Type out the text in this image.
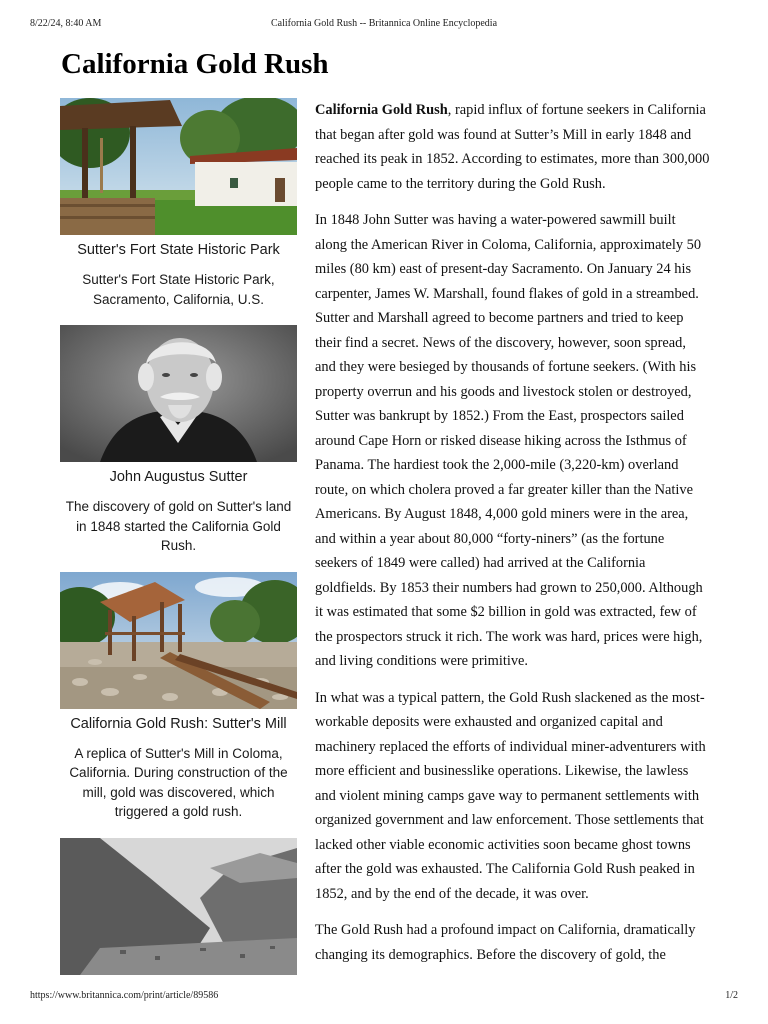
8/22/24, 8:40 AM	California Gold Rush -- Britannica Online Encyclopedia
California Gold Rush
Sutter's Fort State Historic Park
Sutter's Fort State Historic Park, Sacramento, California, U.S.
John Augustus Sutter
The discovery of gold on Sutter's land in 1848 started the California Gold Rush.
California Gold Rush: Sutter's Mill
A replica of Sutter's Mill in Coloma, California. During construction of the mill, gold was discovered, which triggered a gold rush.

California Gold Rush, rapid influx of fortune seekers in California that began after gold was found at Sutter’s Mill in early 1848 and reached its peak in 1852. According to estimates, more than 300,000 people came to the territory during the Gold Rush.

In 1848 John Sutter was having a water-powered sawmill built along the American River in Coloma, California, approximately 50 miles (80 km) east of present-day Sacramento. On January 24 his carpenter, James W. Marshall, found flakes of gold in a streambed. Sutter and Marshall agreed to become partners and tried to keep their find a secret. News of the discovery, however, soon spread, and they were besieged by thousands of fortune seekers. (With his property overrun and his goods and livestock stolen or destroyed, Sutter was bankrupt by 1852.) From the East, prospectors sailed around Cape Horn or risked disease hiking across the Isthmus of Panama. The hardiest took the 2,000-mile (3,220-km) overland route, on which cholera proved a far greater killer than the Native Americans. By August 1848, 4,000 gold miners were in the area, and within a year about 80,000 “forty-niners” (as the fortune seekers of 1849 were called) had arrived at the California goldfields. By 1853 their numbers had grown to 250,000. Although it was estimated that some $2 billion in gold was extracted, few of the prospectors struck it rich. The work was hard, prices were high, and living conditions were primitive.

In what was a typical pattern, the Gold Rush slackened as the most-workable deposits were exhausted and organized capital and machinery replaced the efforts of individual miner-adventurers with more efficient and businesslike operations. Likewise, the lawless and violent mining camps gave way to permanent settlements with organized government and law enforcement. Those settlements that lacked other viable economic activities soon became ghost towns after the gold was exhausted. The California Gold Rush peaked in 1852, and by the end of the decade, it was over.

The Gold Rush had a profound impact on California, dramatically changing its demographics. Before the discovery of gold, the

https://www.britannica.com/print/article/89586	1/2
